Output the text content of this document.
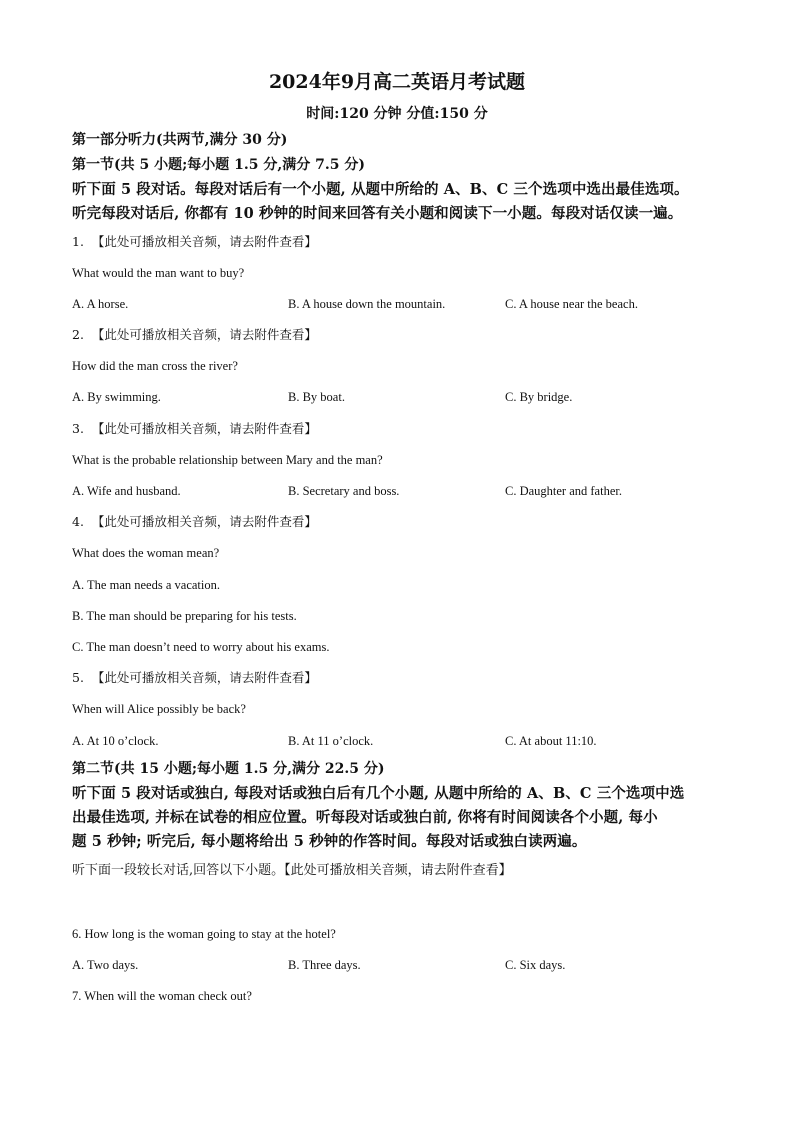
2024年9月高二英语月考试题
时间:120 分钟 分值:150 分
第一部分听力(共两节,满分 30 分)
第一节(共 5 小题;每小题 1.5 分,满分 7.5 分)
听下面 5 段对话。每段对话后有一个小题, 从题中所给的 A、B、C 三个选项中选出最佳选项。
听完每段对话后, 你都有 10 秒钟的时间来回答有关小题和阅读下一小题。每段对话仅读一遍。
1. 【此处可播放相关音频，请去附件查看】
What would the man want to buy?
A. A horse.	B. A house down the mountain.	C. A house near the beach.
2. 【此处可播放相关音频，请去附件查看】
How did the man cross the river?
A. By swimming.	B. By boat.	C. By bridge.
3. 【此处可播放相关音频，请去附件查看】
What is the probable relationship between Mary and the man?
A. Wife and husband.	B. Secretary and boss.	C. Daughter and father.
4. 【此处可播放相关音频，请去附件查看】
What does the woman mean?
A. The man needs a vacation.
B. The man should be preparing for his tests.
C. The man doesn’t need to worry about his exams.
5. 【此处可播放相关音频，请去附件查看】
When will Alice possibly be back?
A. At 10 o’clock.	B. At 11 o’clock.	C. At about 11:10.
第二节(共 15 小题;每小题 1.5 分,满分 22.5 分)
听下面 5 段对话或独白, 每段对话或独白后有几个小题, 从题中所给的 A、B、C 三个选项中选
出最佳选项, 并标在试卷的相应位置。听每段对话或独白前, 你将有时间阅读各个小题, 每小
题 5 秒钟; 听完后, 每小题将给出 5 秒钟的作答时间。每段对话或独白读两遍。
听下面一段较长对话,回答以下小题。【此处可播放相关音频，请去附件查看】
6. How long is the woman going to stay at the hotel?
A. Two days.	B. Three days.	C. Six days.
7. When will the woman check out?
